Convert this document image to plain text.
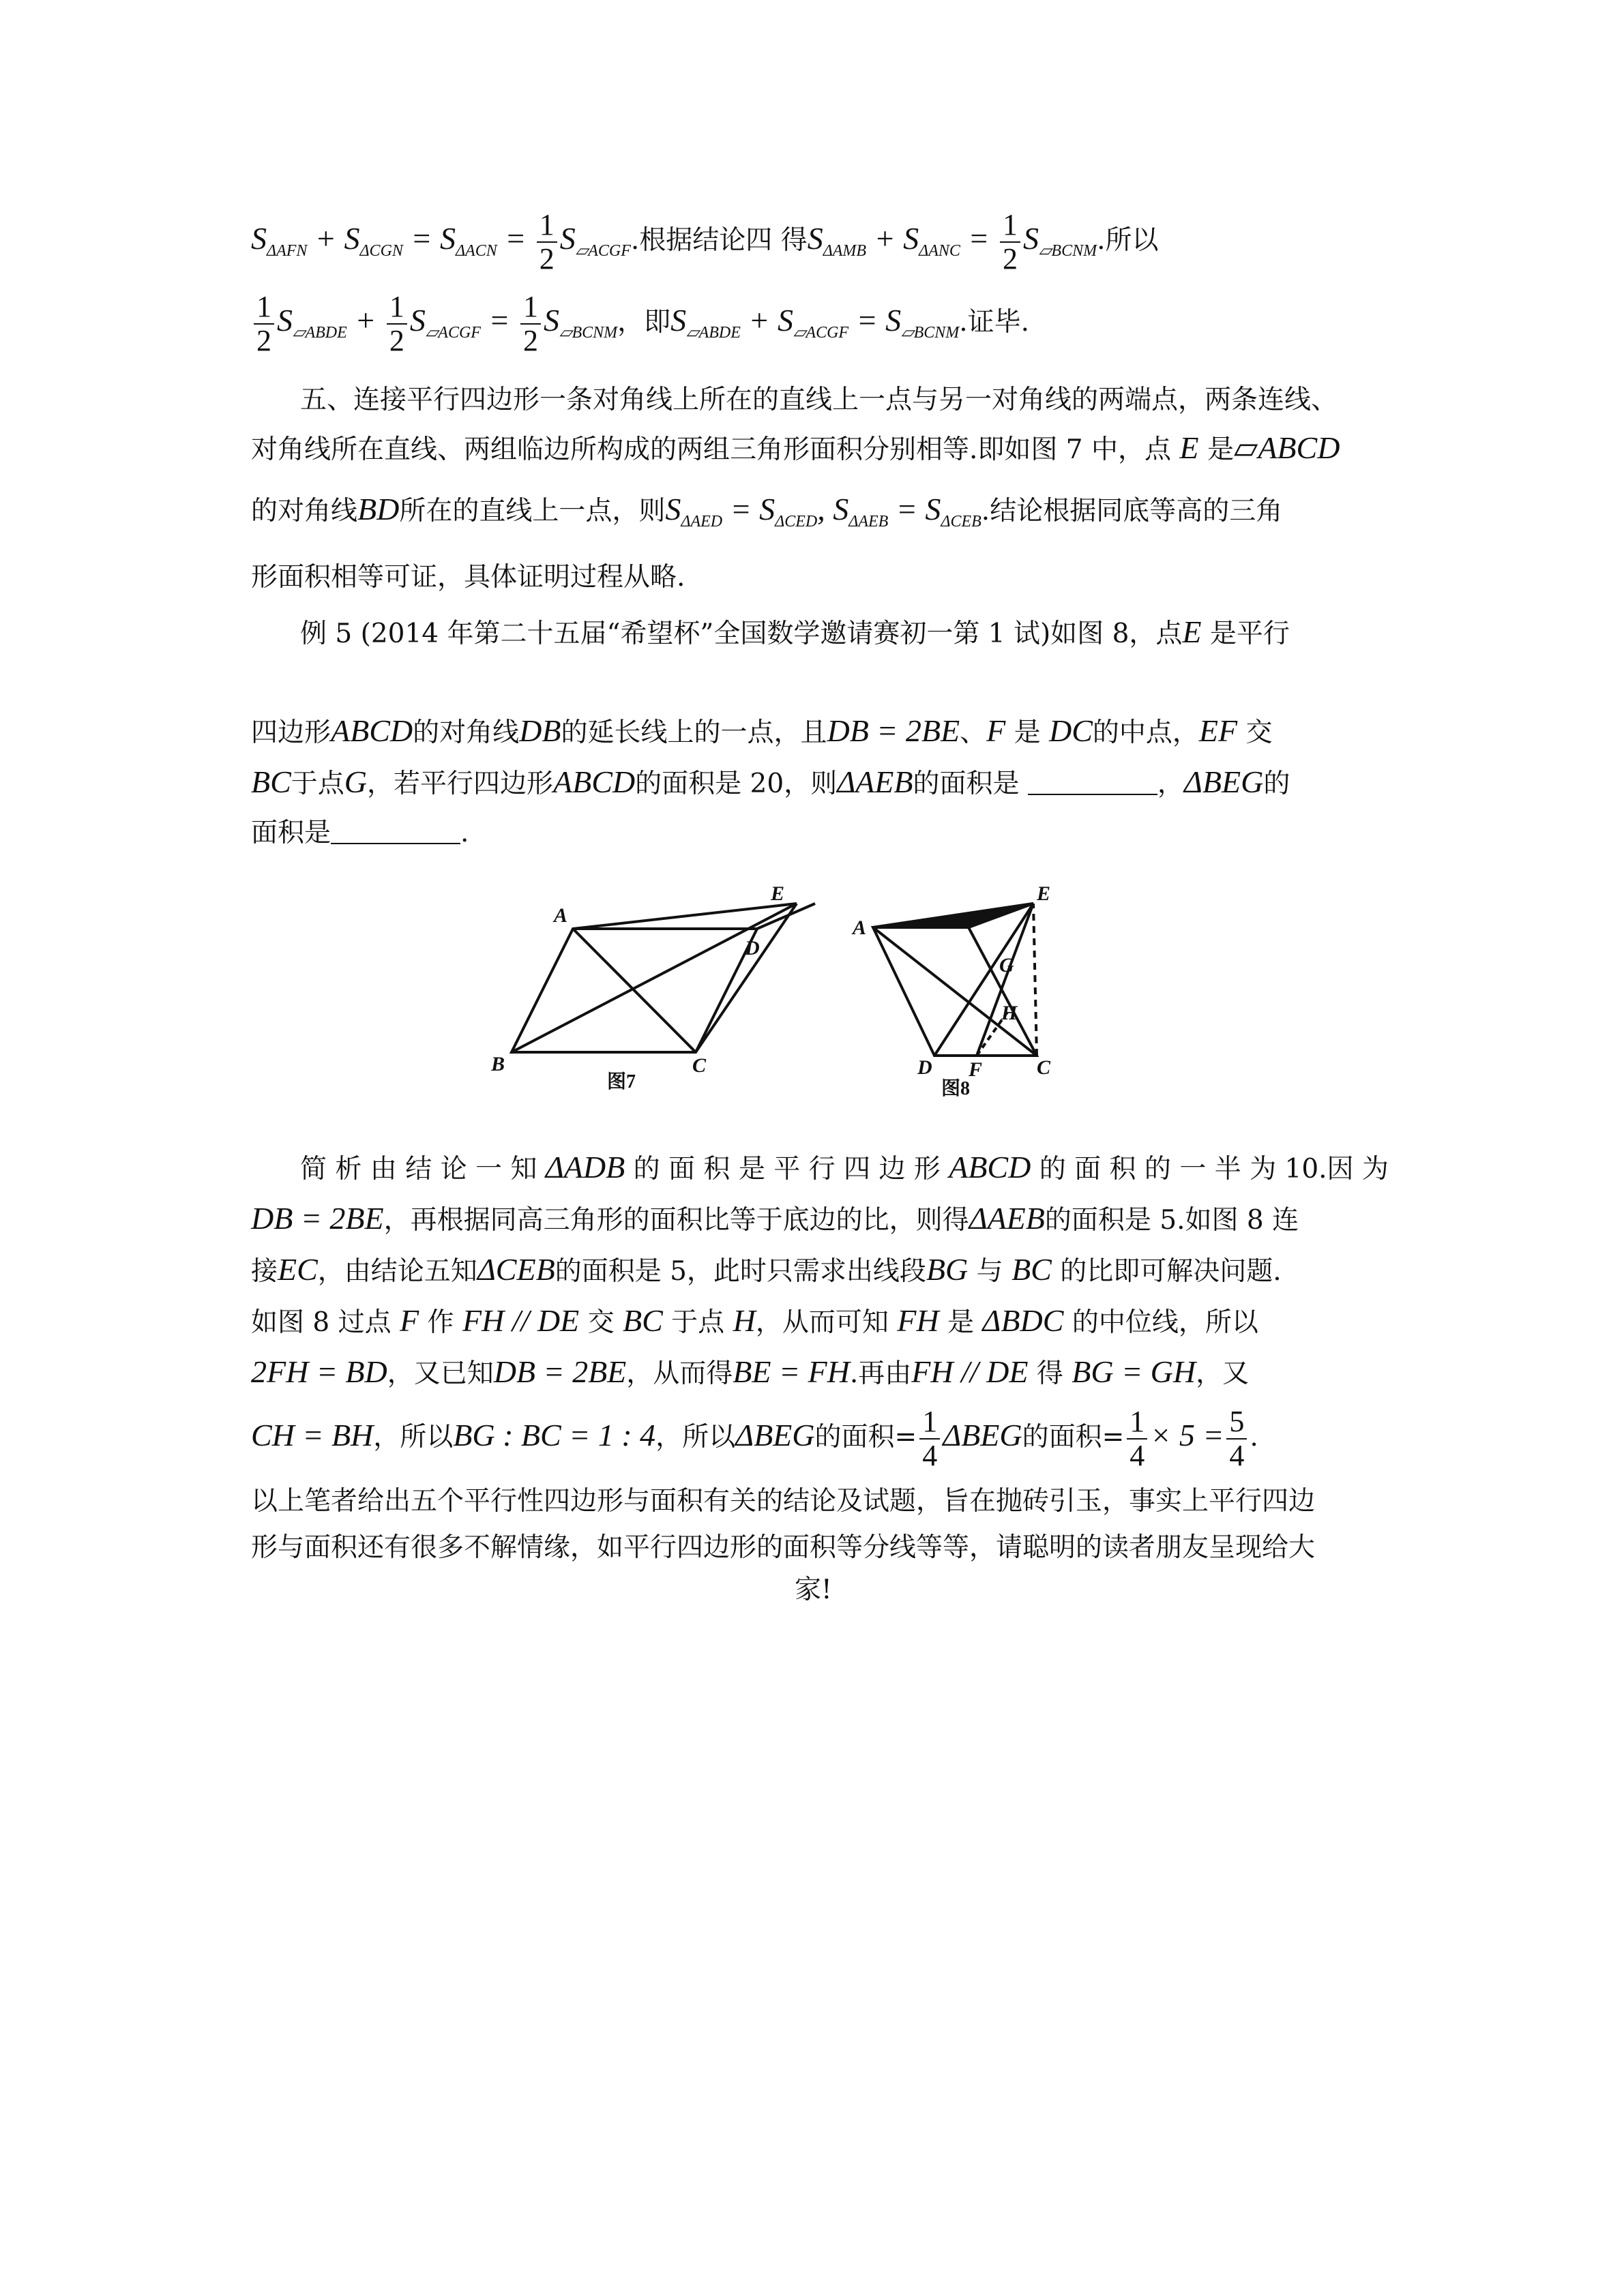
$S_{\Delta AFN} + S_{\Delta CGN} = S_{\Delta ACN} = \frac{1}{2} S_{▱ACGF}$.根据结论四 得$S_{\Delta AMB} + S_{\Delta ANC} = \frac{1}{2} S_{▱BCNM}$.所以
$\frac{1}{2} S_{▱ABDE} + \frac{1}{2} S_{▱ACGF} = \frac{1}{2} S_{▱BCNM}$，即$S_{▱ABDE} + S_{▱ACGF} = S_{▱BCNM}$.证毕.
五、连接平行四边形一条对角线上所在的直线上一点与另一对角线的两端点，两条连线、
对角线所在直线、两组临边所构成的两组三角形面积分别相等.即如图 7 中，点 E 是▱ABCD
的对角线BD所在的直线上一点，则$S_{\Delta AED} = S_{\Delta CED}$, $S_{\Delta AEB} = S_{\Delta CEB}$.结论根据同底等高的三角
形面积相等可证，具体证明过程从略.
例 5 (2014 年第二十五届“希望杯”全国数学邀请赛初一第 1 试)如图 8，点E 是平行
四边形ABCD的对角线DB的延长线上的一点，且DB = 2BE、F 是 DC的中点，EF 交
BC于点G，若平行四边形ABCD的面积是 20，则ΔAEB的面积是	，ΔBEG的
面积是	.
A
B	C
D
E
图7
A
E
G
H
D F	C
图8
简 析 由 结 论 一 知 ΔADB 的 面 积 是 平 行 四 边 形 ABCD 的 面 积 的 一 半 为 10.因 为
DB = 2BE，再根据同高三角形的面积比等于底边的比，则得ΔAEB的面积是 5.如图 8 连
接EC，由结论五知ΔCEB的面积是 5，此时只需求出线段BG 与 BC 的比即可解决问题.
如图 8 过点 F 作 FH // DE 交 BC 于点 H，从而可知 FH 是 ΔBDC 的中位线，所以
2FH = BD，又已知DB = 2BE，从而得BE = FH.再由FH // DE 得 BG = GH，又
CH = BH，所以BG : BC = 1 : 4，所以ΔBEG的面积= $\frac{1}{4}$ ΔBEG的面积= $\frac{1}{4} \times 5 = \frac{5}{4}$ .
以上笔者给出五个平行性四边形与面积有关的结论及试题，旨在抛砖引玉，事实上平行四边
形与面积还有很多不解情缘，如平行四边形的面积等分线等等，请聪明的读者朋友呈现给大
家!
